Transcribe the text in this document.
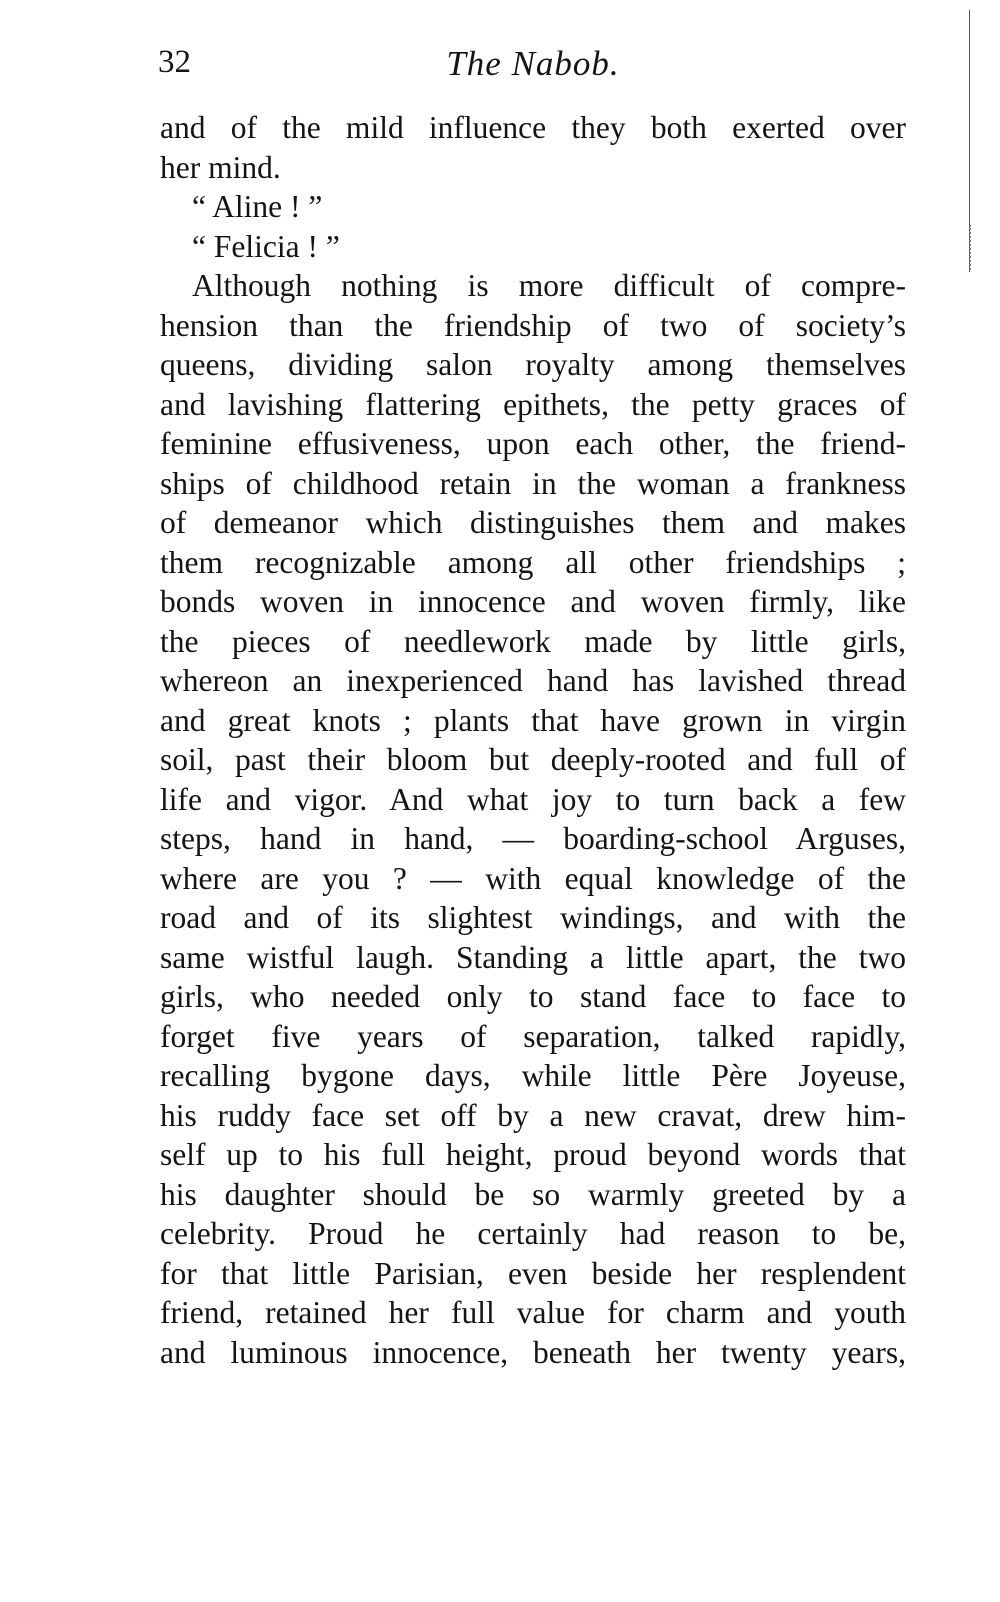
32	The Nabob.
and of the mild influence they both exerted over
her mind.
“ Aline ! ”
“ Felicia ! ”
Although nothing is more difficult of compre-
hension than the friendship of two of society’s
queens, dividing salon royalty among themselves
and lavishing flattering epithets, the petty graces of
feminine effusiveness, upon each other, the friend-
ships of childhood retain in the woman a frankness
of demeanor which distinguishes them and makes
them recognizable among all other friendships ;
bonds woven in innocence and woven firmly, like
the pieces of needlework made by little girls,
whereon an inexperienced hand has lavished thread
and great knots ; plants that have grown in virgin
soil, past their bloom but deeply-rooted and full of
life and vigor. And what joy to turn back a few
steps, hand in hand, — boarding-school Arguses,
where are you ? — with equal knowledge of the
road and of its slightest windings, and with the
same wistful laugh. Standing a little apart, the two
girls, who needed only to stand face to face to
forget five years of separation, talked rapidly,
recalling bygone days, while little Père Joyeuse,
his ruddy face set off by a new cravat, drew him-
self up to his full height, proud beyond words that
his daughter should be so warmly greeted by a
celebrity. Proud he certainly had reason to be,
for that little Parisian, even beside her resplendent
friend, retained her full value for charm and youth
and luminous innocence, beneath her twenty years,
